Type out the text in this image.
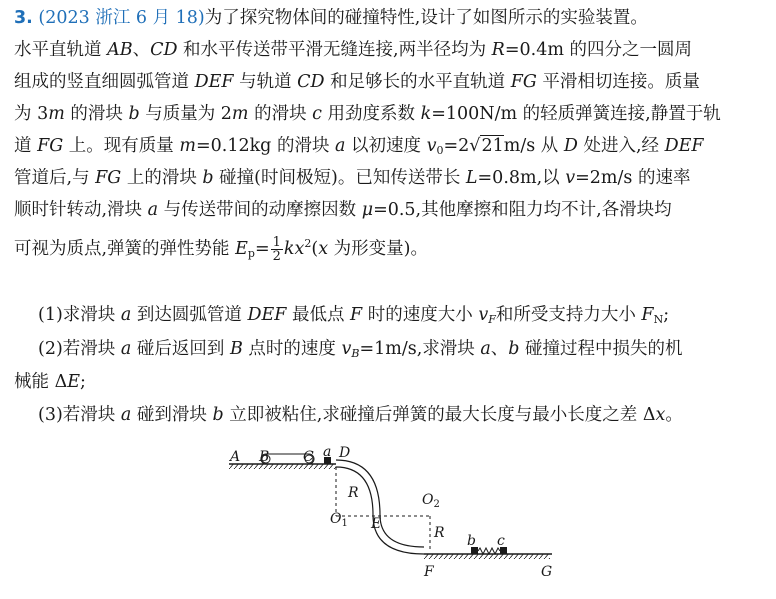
3. (2023 浙江 6 月 18)为了探究物体间的碰撞特性,设计了如图所示的实验装置。
水平直轨道 AB、CD 和水平传送带平滑无缝连接,两半径均为 R=0.4m 的四分之一圆周
组成的竖直细圆弧管道 DEF 与轨道 CD 和足够长的水平直轨道 FG 平滑相切连接。质量
为 3m 的滑块 b 与质量为 2m 的滑块 c 用劲度系数 k=100N/m 的轻质弹簧连接,静置于轨
道 FG 上。现有质量 m=0.12kg 的滑块 a 以初速度 $v_0=2√21m/s$ 从 D 处进入,经 DEF
管道后,与 FG 上的滑块 b 碰撞(时间极短)。已知传送带长 L=0.8m,以 v=2m/s 的速率
顺时针转动,滑块 a 与传送带间的动摩擦因数 μ=0.5,其他摩擦和阻力均不计,各滑块均
可视为质点,弹簧的弹性势能 $E_p= \frac{1}{2} kx^2(x$ 为形变量)。
(1)求滑块 a 到达圆弧管道 DEF 最低点 F 时的速度大小 $v_F$和所受支持力大小 $F_N$;
(2)若滑块 a 碰后返回到 B 点时的速度 $v_B=1m/s$,求滑块 a、b 碰撞过程中损失的机
械能 ΔE;
(3)若滑块 a 碰到滑块 b 立即被粘住,求碰撞后弹簧的最大长度与最小长度之差 Δx。
A B C a D
R
$O_1$ E
$O_2$
R b c
F	G
